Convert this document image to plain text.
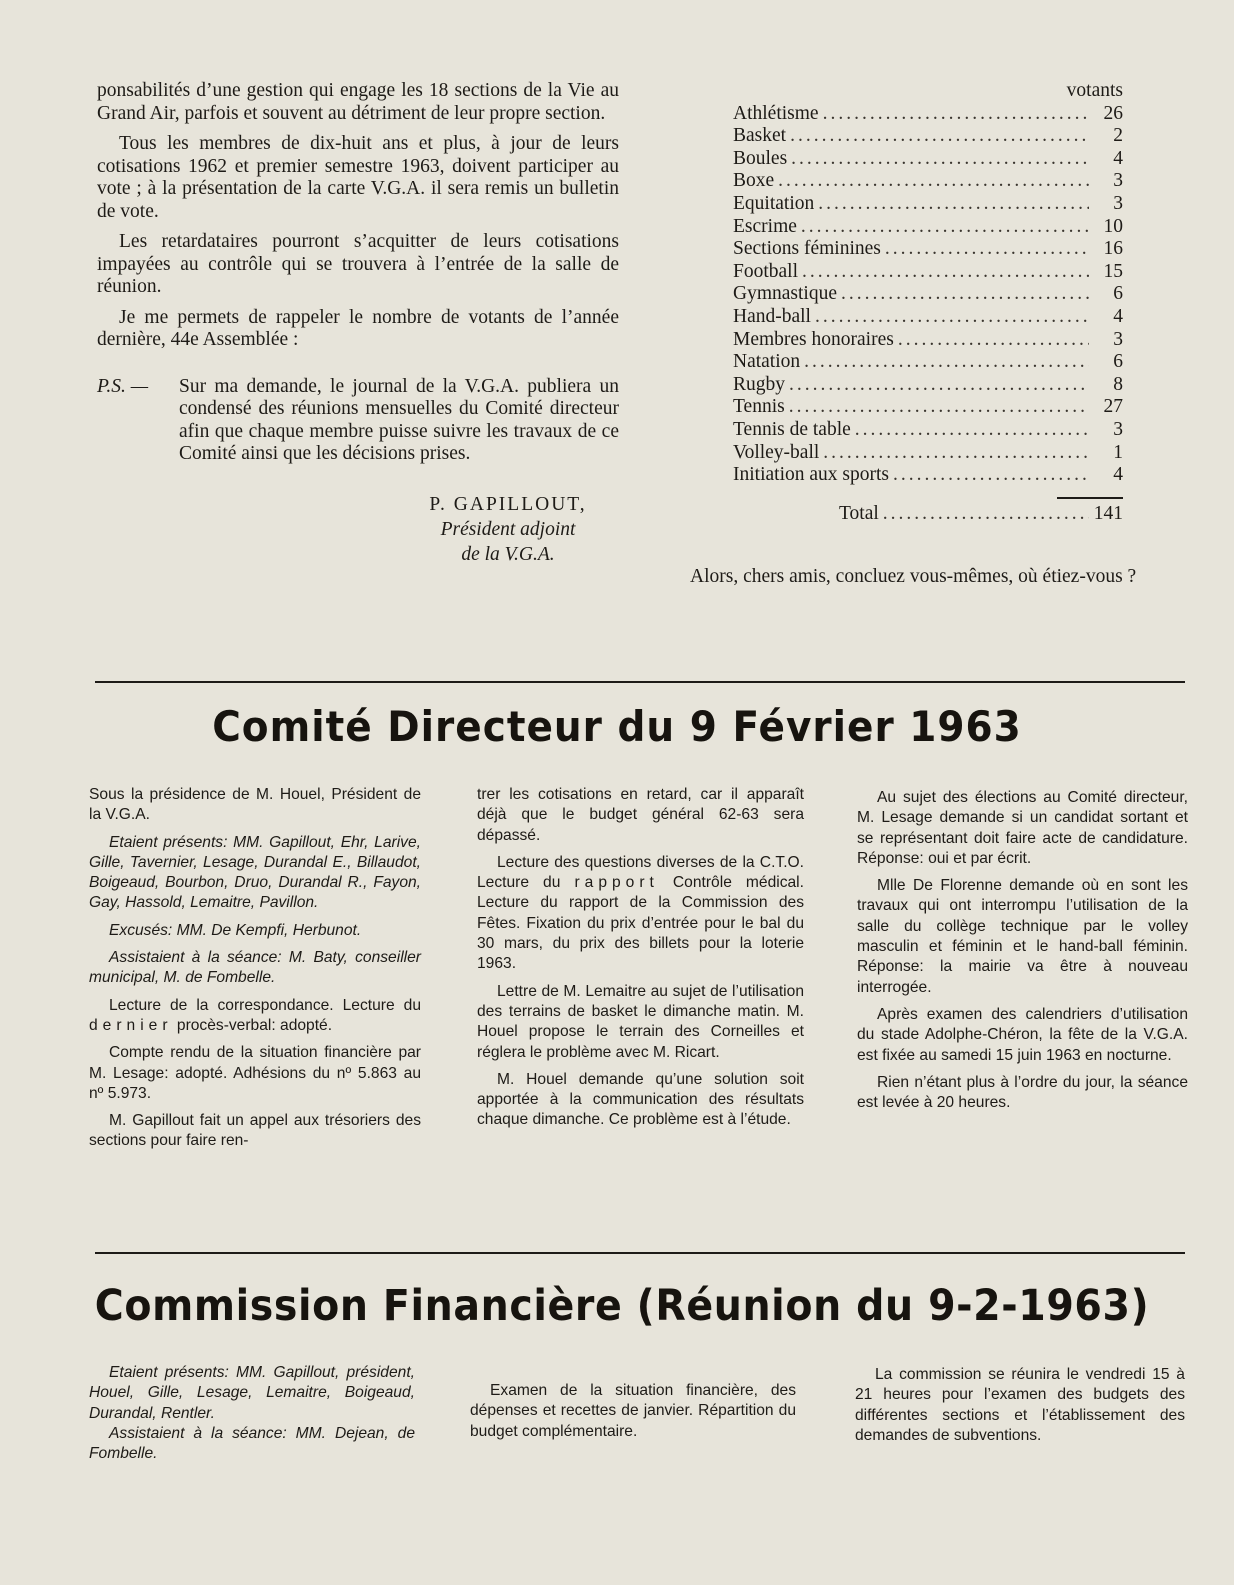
ponsabilités d’une gestion qui engage les 18 sections de la Vie au Grand Air, parfois et souvent au détriment de leur propre section.

Tous les membres de dix-huit ans et plus, à jour de leurs cotisations 1962 et premier semestre 1963, doivent participer au vote ; à la présentation de la carte V.G.A. il sera remis un bulletin de vote.

Les retardataires pourront s’acquitter de leurs cotisations impayées au contrôle qui se trouvera à l’entrée de la salle de réunion.

Je me permets de rappeler le nombre de votants de l’année dernière, 44e Assemblée :

P.S. —	Sur ma demande, le journal de la V.G.A. publiera un condensé des réunions mensuelles du Comité directeur afin que chaque membre puisse suivre les travaux de ce Comité ainsi que les décisions prises.
P. GAPILLOUT,
Président adjoint
de la V.G.A.
votants
Athlétisme .....	26
Basket .....	2
Boules .....	4
Boxe .....	3
Equitation .....	3
Escrime .....	10
Sections féminines .....	16
Football .....	15
Gymnastique .....	6
Hand-ball .....	4
Membres honoraires .....	3
Natation .....	6
Rugby .....	8
Tennis .....	27
Tennis de table .....	3
Volley-ball .....	1
Initiation aux sports .....	4
Total .....	141
Alors, chers amis, concluez vous-mêmes, où étiez-vous ?
Comité Directeur du 9 Février 1963

Sous la présidence de M. Houel, Président de la V.G.A.

Etaient présents: MM. Gapillout, Ehr, Larive, Gille, Tavernier, Lesage, Durandal E., Billaudot, Boigeaud, Bourbon, Druo, Durandal R., Fayon, Gay, Hassold, Lemaitre, Pavillon.

Excusés: MM. De Kempfi, Herbunot.

Assistaient à la séance: M. Baty, conseiller municipal, M. de Fombelle.

Lecture de la correspondance. Lecture du dernier procès-verbal: adopté.

Compte rendu de la situation financière par M. Lesage: adopté. Adhésions du nº 5.863 au nº 5.973.

M. Gapillout fait un appel aux trésoriers des sections pour faire ren-

trer les cotisations en retard, car il apparaît déjà que le budget général 62-63 sera dépassé.

Lecture des questions diverses de la C.T.O. Lecture du rapport Contrôle médical. Lecture du rapport de la Commission des Fêtes. Fixation du prix d’entrée pour le bal du 30 mars, du prix des billets pour la loterie 1963.

Lettre de M. Lemaitre au sujet de l’utilisation des terrains de basket le dimanche matin. M. Houel propose le terrain des Corneilles et réglera le problème avec M. Ricart.

M. Houel demande qu’une solution soit apportée à la communication des résultats chaque dimanche. Ce problème est à l’étude.

Au sujet des élections au Comité directeur, M. Lesage demande si un candidat sortant et se représentant doit faire acte de candidature. Réponse: oui et par écrit.

Mlle De Florenne demande où en sont les travaux qui ont interrompu l’utilisation de la salle du collège technique par le volley masculin et féminin et le hand-ball féminin. Réponse: la mairie va être à nouveau interrogée.

Après examen des calendriers d’utilisation du stade Adolphe-Chéron, la fête de la V.G.A. est fixée au samedi 15 juin 1963 en nocturne.

Rien n’étant plus à l’ordre du jour, la séance est levée à 20 heures.

Commission Financière (Réunion du 9-2-1963)

Etaient présents: MM. Gapillout, président, Houel, Gille, Lesage, Lemaitre, Boigeaud, Durandal, Rentler.

Assistaient à la séance: MM. Dejean, de Fombelle.

Examen de la situation financière, des dépenses et recettes de janvier. Répartition du budget complémentaire.

La commission se réunira le vendredi 15 à 21 heures pour l’examen des budgets des différentes sections et l’établissement des demandes de subventions.
